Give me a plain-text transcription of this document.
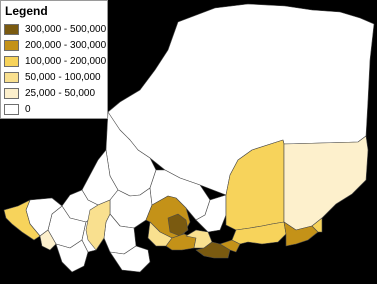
Legend
300,000 - 500,000
200,000 - 300,000
100,000 - 200,000
50,000 - 100,000
25,000 - 50,000
0
